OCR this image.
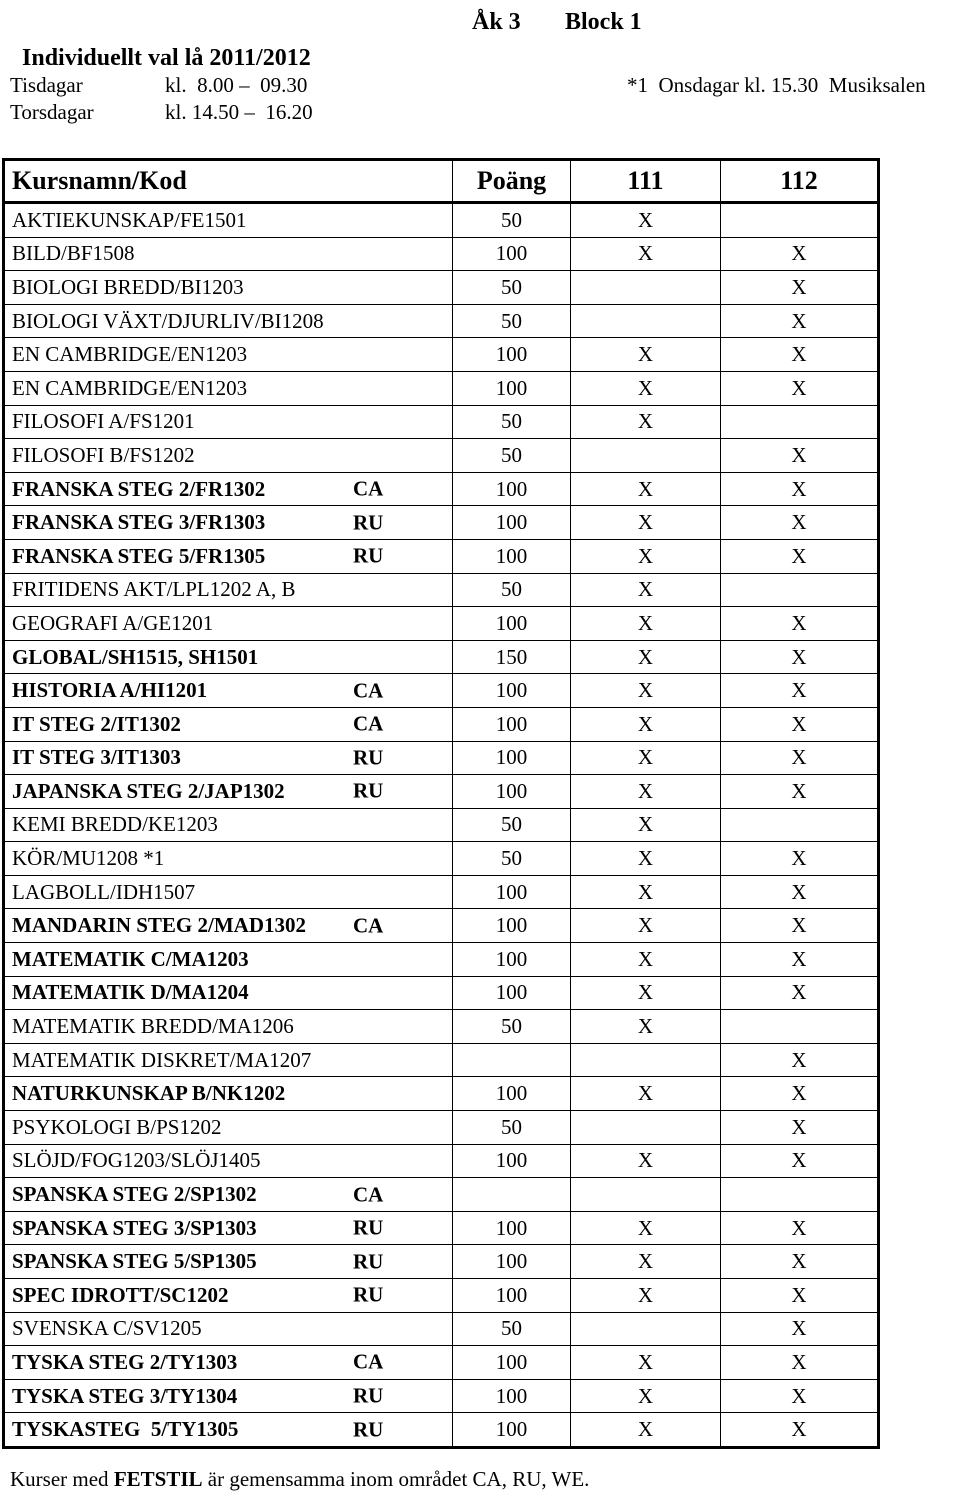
Individuellt val lå 2011/2012

Åk 3

Block 1

Tisdagar

	kl.  8.00 –  09.30

Torsdagar

	kl. 14.50 –  16.20

*1  Onsdagar kl. 15.30  Musiksalen
Kursnamn/Kod	Poäng	111	112
AKTIEKUNSKAP/FE1501	50	X	
BILD/BF1508	100	X	X
BIOLOGI BREDD/BI1203	50		X
BIOLOGI VÄXT/DJURLIV/BI1208	50		X
EN CAMBRIDGE/EN1203	100	X	X
EN CAMBRIDGE/EN1203	100	X	X
FILOSOFI A/FS1201	50	X	
FILOSOFI B/FS1202	50		X
FRANSKA STEG 2/FR1302 CA	100	X	X
FRANSKA STEG 3/FR1303 RU	100	X	X
FRANSKA STEG 5/FR1305 RU	100	X	X
FRITIDENS AKT/LPL1202 A, B	50	X	
GEOGRAFI A/GE1201	100	X	X
GLOBAL/SH1515, SH1501	150	X	X
HISTORIA A/HI1201 CA	100	X	X
IT STEG 2/IT1302 CA	100	X	X
IT STEG 3/IT1303 RU	100	X	X
JAPANSKA STEG 2/JAP1302 RU	100	X	X
KEMI BREDD/KE1203	50	X	
KÖR/MU1208 *1	50	X	X
LAGBOLL/IDH1507	100	X	X
MANDARIN STEG 2/MAD1302 CA	100	X	X
MATEMATIK C/MA1203	100	X	X
MATEMATIK D/MA1204	100	X	X
MATEMATIK BREDD/MA1206	50	X	
MATEMATIK DISKRET/MA1207			X
NATURKUNSKAP B/NK1202	100	X	X
PSYKOLOGI B/PS1202	50		X
SLÖJD/FOG1203/SLÖJ1405	100	X	X
SPANSKA STEG 2/SP1302 CA			

SPANSKA STEG 3/SP1303 RU	100	X	X
SPANSKA STEG 5/SP1305 RU	100	X	X
SPEC IDROTT/SC1202 RU	100	X	X
SVENSKA C/SV1205	50		X
TYSKA STEG 2/TY1303 CA	100	X	X
TYSKA STEG 3/TY1304 RU	100	X	X
TYSKASTEG  5/TY1305 RU	100	X	X
Kurser med FETSTIL är gemensamma inom området CA, RU, WE.
